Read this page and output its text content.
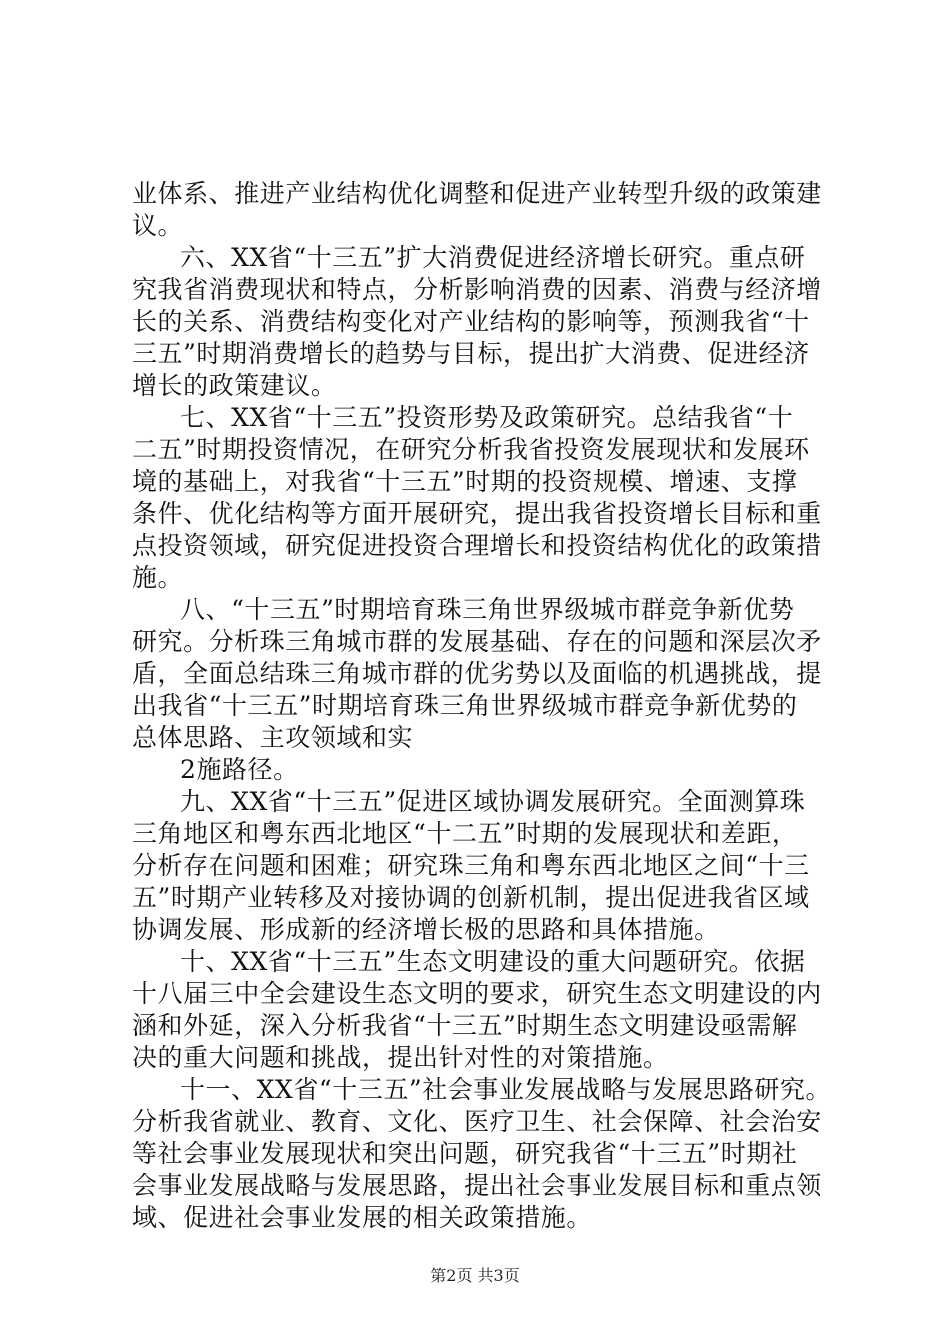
业体系、推进产业结构优化调整和促进产业转型升级的政策建
议。
六、XX省“十三五”扩大消费促进经济增长研究。重点研
究我省消费现状和特点，分析影响消费的因素、消费与经济增
长的关系、消费结构变化对产业结构的影响等，预测我省“十
三五”时期消费增长的趋势与目标，提出扩大消费、促进经济
增长的政策建议。
七、XX省“十三五”投资形势及政策研究。总结我省“十
二五”时期投资情况，在研究分析我省投资发展现状和发展环
境的基础上，对我省“十三五”时期的投资规模、增速、支撑
条件、优化结构等方面开展研究，提出我省投资增长目标和重
点投资领域，研究促进投资合理增长和投资结构优化的政策措
施。
八、“十三五”时期培育珠三角世界级城市群竞争新优势
研究。分析珠三角城市群的发展基础、存在的问题和深层次矛
盾，全面总结珠三角城市群的优劣势以及面临的机遇挑战，提
出我省“十三五”时期培育珠三角世界级城市群竞争新优势的
总体思路、主攻领域和实
2施路径。
九、XX省“十三五”促进区域协调发展研究。全面测算珠
三角地区和粤东西北地区“十二五”时期的发展现状和差距，
分析存在问题和困难；研究珠三角和粤东西北地区之间“十三
五”时期产业转移及对接协调的创新机制，提出促进我省区域
协调发展、形成新的经济增长极的思路和具体措施。
十、XX省“十三五”生态文明建设的重大问题研究。依据
十八届三中全会建设生态文明的要求，研究生态文明建设的内
涵和外延，深入分析我省“十三五”时期生态文明建设亟需解
决的重大问题和挑战，提出针对性的对策措施。
十一、XX省“十三五”社会事业发展战略与发展思路研究。
分析我省就业、教育、文化、医疗卫生、社会保障、社会治安
等社会事业发展现状和突出问题，研究我省“十三五”时期社
会事业发展战略与发展思路，提出社会事业发展目标和重点领
域、促进社会事业发展的相关政策措施。
第2页 共3页
